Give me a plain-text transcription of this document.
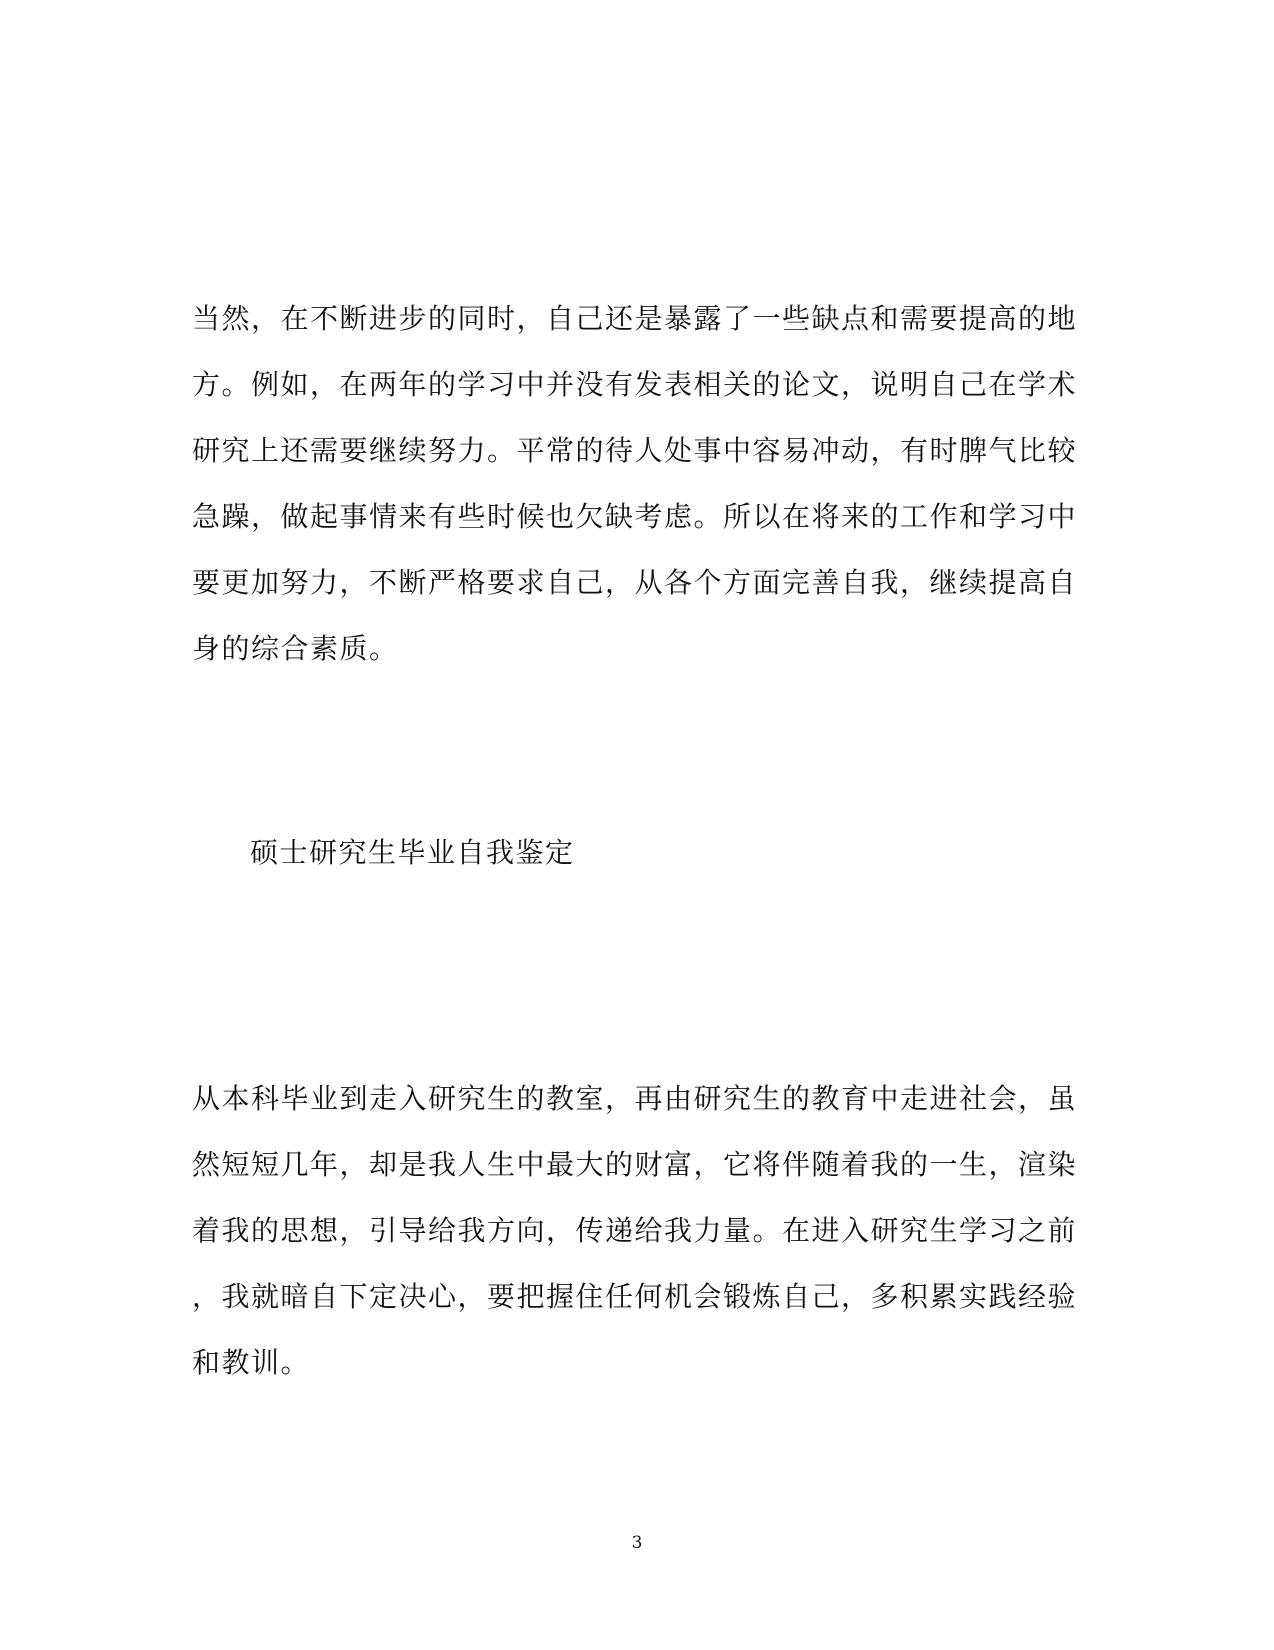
当然，在不断进步的同时，自己还是暴露了一些缺点和需要提高的地
方。例如，在两年的学习中并没有发表相关的论文，说明自己在学术
研究上还需要继续努力。平常的待人处事中容易冲动，有时脾气比较
急躁，做起事情来有些时候也欠缺考虑。所以在将来的工作和学习中
要更加努力，不断严格要求自己，从各个方面完善自我，继续提高自
身的综合素质。

硕士研究生毕业自我鉴定

从本科毕业到走入研究生的教室，再由研究生的教育中走进社会，虽
然短短几年，却是我人生中最大的财富，它将伴随着我的一生，渲染
着我的思想，引导给我方向，传递给我力量。在进入研究生学习之前
，我就暗自下定决心，要把握住任何机会锻炼自己，多积累实践经验
和教训。

3
